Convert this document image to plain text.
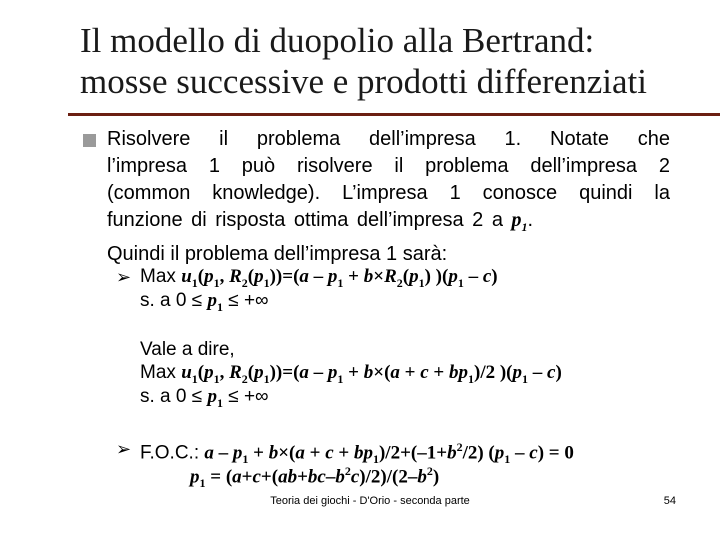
Il modello di duopolio alla Bertrand:
mosse successive e prodotti differenziati
Risolvere il problema dell’impresa 1. Notate che
l’impresa 1 può risolvere il problema dell’impresa 2
(common knowledge). L’impresa 1 conosce quindi la
funzione di risposta ottima dell’impresa 2 a $p_1$.
Quindi il problema dell’impresa 1 sarà:
➢ Max $u_1(p_1$, $R_2(p_1))=(a - p_1 + b\times R_2(p_1)$ )$(p_1 - c)$
s. a $0 \le p_1$ ≤ +∞
Vale a dire,
Max $u_1(p_1$, $R_2(p_1))=(a - p_1 + b\times(a + c + bp_1)/2$ )$(p_1 - c)$
s. a $0 \le p_1$ ≤ +∞
➢ F.O.C.: $a - p_1 + b\times(a + c + bp_1)/2+(-1+b^2/2)$ $(p_1 - c) = 0$
$p_1 = (a+c+(ab+bc-b^2c)/2)/(2-b^2)$
Teoria dei giochi - D'Orio - seconda parte	54
